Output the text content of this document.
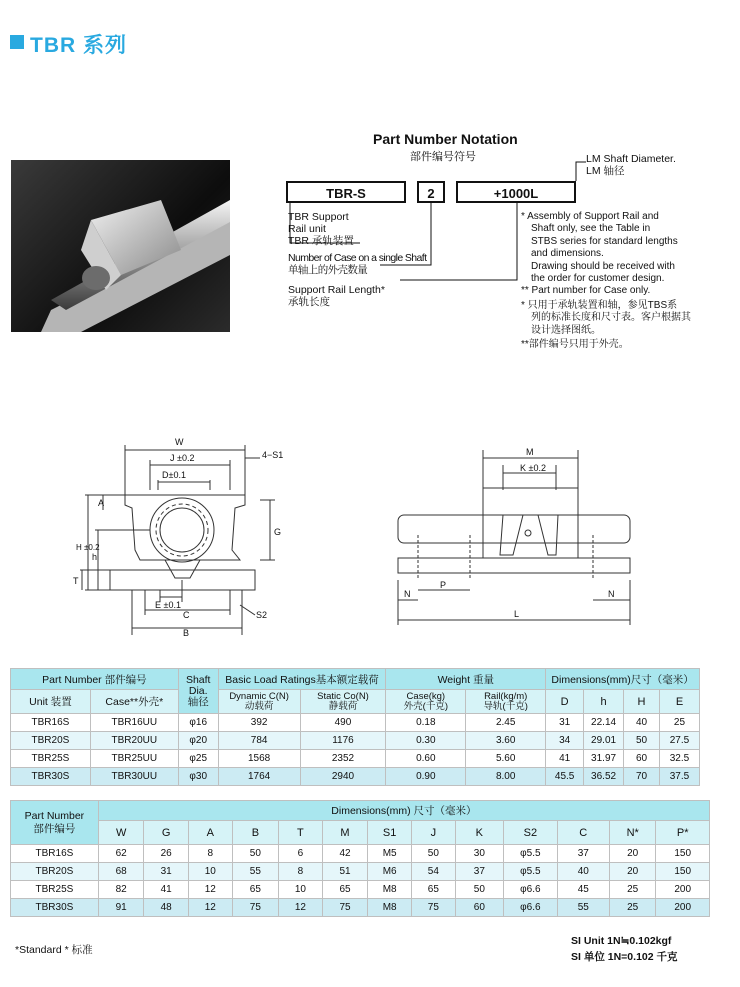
TBR 系列
Part Number Notation
部件编号符号
TBR-S	2	+1000L
LM Shaft Diameter.
LM 轴径
TBR Support
Rail unit
TBR 承轨装置
Number of Case on a single Shaft
单轴上的外壳数量
Support Rail Length*
承轨长度
* Assembly of Support Rail and
Shaft only, see the Table in
STBS series for standard lengths
and dimensions.
Drawing should be received with
the order for customer design.
** Part number for Case only.
* 只用于承轨装置和轴，参见TBS系
列的标准长度和尺寸表。客户根据其
设计选择图纸。
**部件编号只用于外壳。
W
J ±0.2
D±0.1
4−S1
A
H ±0.2
h
G
T
E ±0.1
C
B
S2
M
K ±0.2
N
P
L
N
Part Number 部件编号		Shaft
Dia.
轴径	Basic Load Ratings基本额定载荷		Weight 重量		Dimensions(mm)尺寸（毫米）			
Unit 装置	Case**外壳*		Dynamic C(N)
动载荷	Static Co(N)
静载荷	Case(kg)
外壳(千克)	Rail(kg/m)
导轨(千克)	D	h	H	E
TBR16S	TBR16UU	φ16	392	490	0.18	2.45	31	22.14	40	25
TBR20S	TBR20UU	φ20	784	1176	0.30	3.60	34	29.01	50	27.5
TBR25S	TBR25UU	φ25	1568	2352	0.60	5.60	41	31.97	60	32.5
TBR30S	TBR30UU	φ30	1764	2940	0.90	8.00	45.5	36.52	70	37.5
Part Number
部件编号	Dimensions(mm) 尺寸（毫米）												
	W	G	A	B	T	M	S1	J	K	S2	C	N*	P*
TBR16S	62	26	8	50	6	42	M5	50	30	φ5.5	37	20	150
TBR20S	68	31	10	55	8	51	M6	54	37	φ5.5	40	20	150
TBR25S	82	41	12	65	10	65	M8	65	50	φ6.6	45	25	200
TBR30S	91	48	12	75	12	75	M8	75	60	φ6.6	55	25	200
*Standard * 标准
SI Unit 1N≒0.102kgf
SI 单位 1N=0.102 千克
